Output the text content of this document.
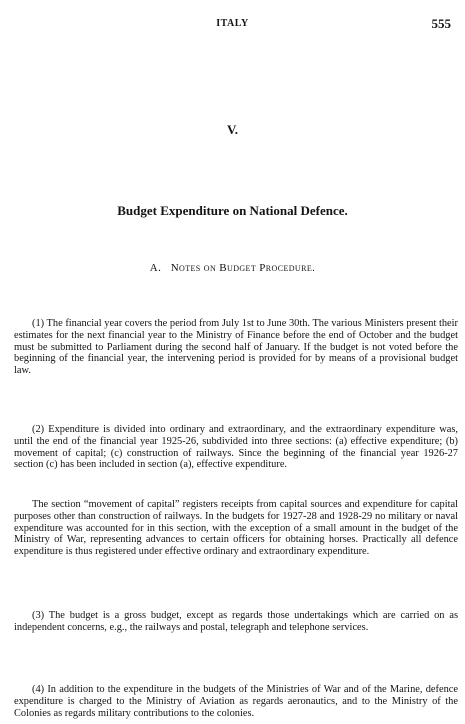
ITALY	555
V.
Budget Expenditure on National Defence.
A. Notes on Budget Procedure.

(1) The financial year covers the period from July 1st to June 30th. The various Ministers present their estimates for the next financial year to the Ministry of Finance before the end of October and the budget must be submitted to Parliament during the second half of January. If the budget is not voted before the beginning of the financial year, the intervening period is provided for by means of a provisional budget law.

(2) Expenditure is divided into ordinary and extraordinary, and the extraordinary expenditure was, until the end of the financial year 1925-26, subdivided into three sections: (a) effective expenditure; (b) movement of capital; (c) construction of railways. Since the beginning of the financial year 1926-27 section (c) has been included in section (a), effective expenditure.

The section “movement of capital” registers receipts from capital sources and expenditure for capital purposes other than construction of railways. In the budgets for 1927-28 and 1928-29 no military or naval expenditure was accounted for in this section, with the exception of a small amount in the budget of the Ministry of War, representing advances to certain officers for obtaining horses. Practically all defence expenditure is thus registered under effective ordinary and extraordinary expenditure.

(3) The budget is a gross budget, except as regards those undertakings which are carried on as independent concerns, e.g., the railways and postal, telegraph and telephone services.

(4) In addition to the expenditure in the budgets of the Ministries of War and of the Marine, defence expenditure is charged to the Ministry of Aviation as regards aeronautics, and to the Ministry of the Colonies as regards military contributions to the colonies.
